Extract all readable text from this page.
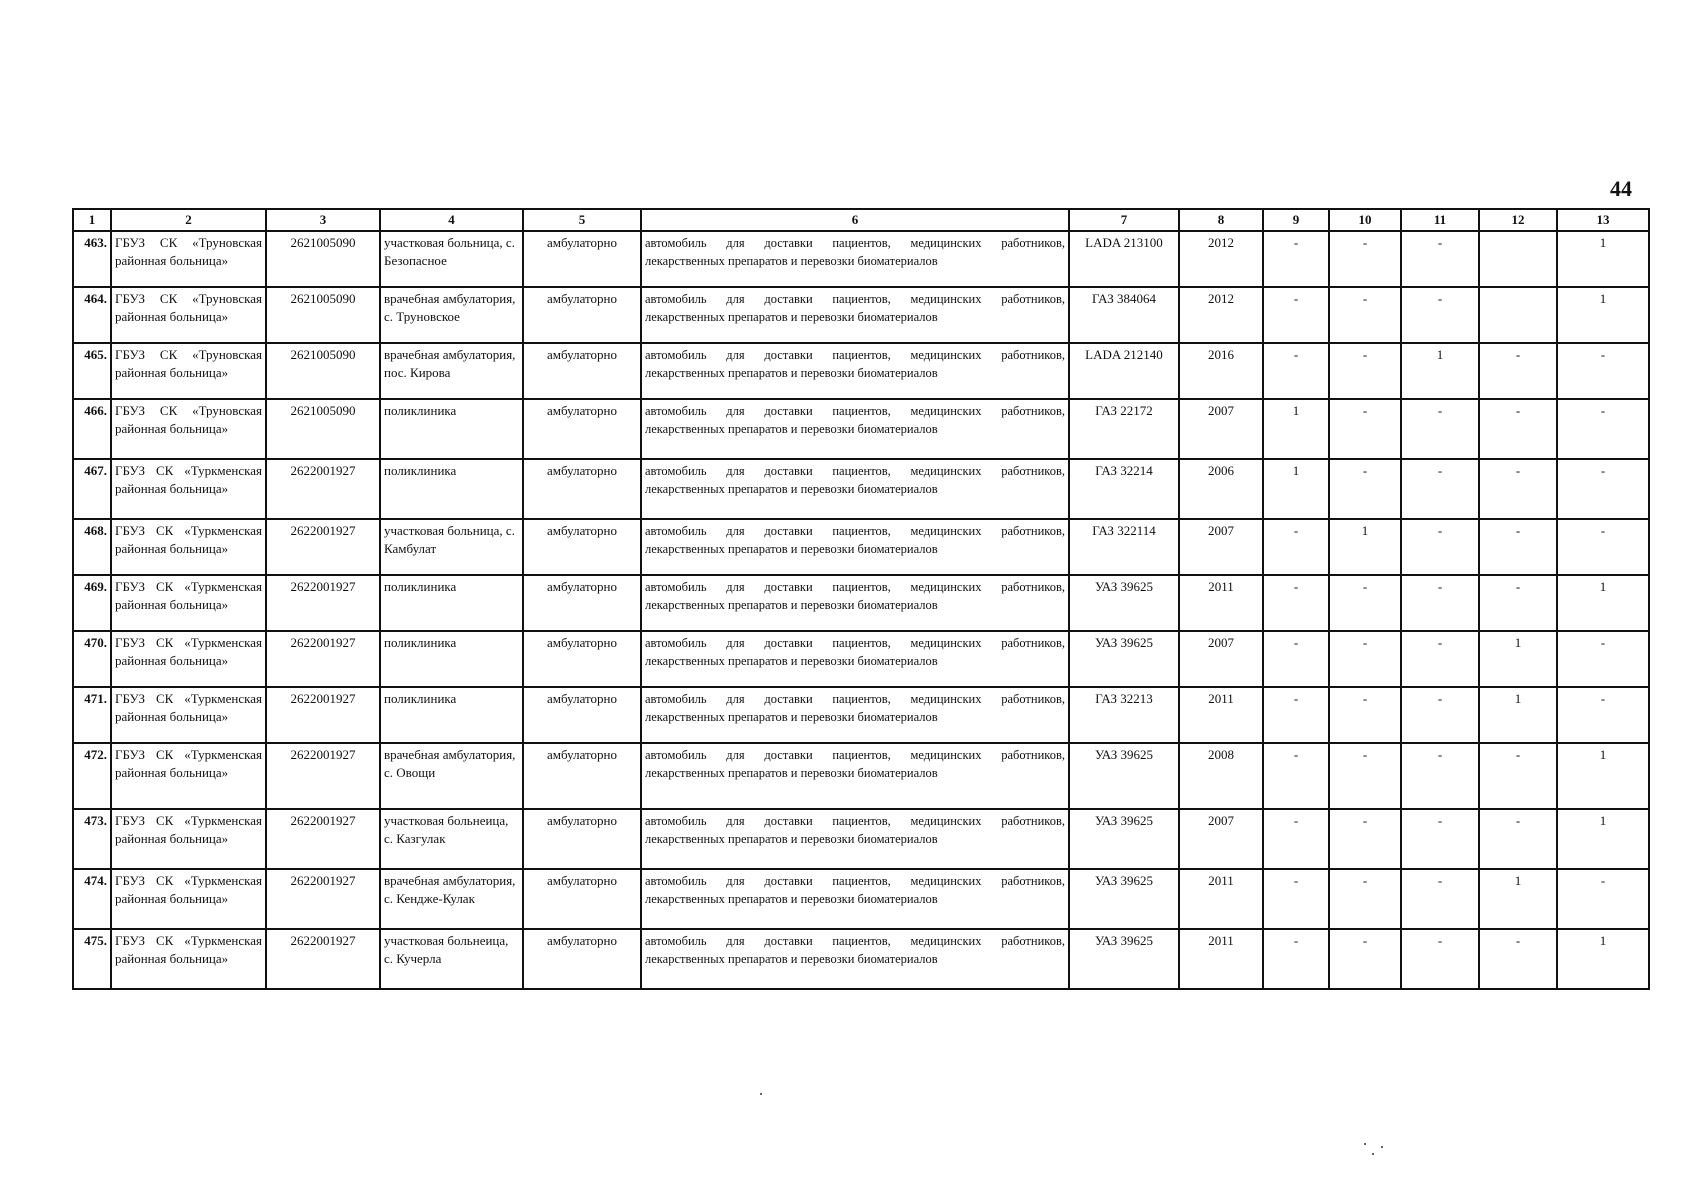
44
1	2	3	4	5	6	7	8	9	10	11	12	13
463.	ГБУЗ СК «Труновская районная больница»	2621005090	участковая больница, с. Безопасное	амбулаторно	автомобиль для доставки пациентов, медицинских работников, лекарственных препаратов и перевозки биоматериалов	LADA 213100	2012	-	-	-		1
464.	ГБУЗ СК «Труновская районная больница»	2621005090	врачебная амбулатория, с. Труновское	амбулаторно	автомобиль для доставки пациентов, медицинских работников, лекарственных препаратов и перевозки биоматериалов	ГАЗ 384064	2012	-	-	-		1
465.	ГБУЗ СК «Труновская районная больница»	2621005090	врачебная амбулатория, пос. Кирова	амбулаторно	автомобиль для доставки пациентов, медицинских работников, лекарственных препаратов и перевозки биоматериалов	LADA 212140	2016	-	-	1	-	-
466.	ГБУЗ СК «Труновская районная больница»	2621005090	поликлиника	амбулаторно	автомобиль для доставки пациентов, медицинских работников, лекарственных препаратов и перевозки биоматериалов	ГАЗ 22172	2007	1	-	-	-	-
467.	ГБУЗ СК «Туркменская районная больница»	2622001927	поликлиника	амбулаторно	автомобиль для доставки пациентов, медицинских работников, лекарственных препаратов и перевозки биоматериалов	ГАЗ 32214	2006	1	-	-	-	-
468.	ГБУЗ СК «Туркменская районная больница»	2622001927	участковая больница, с. Камбулат	амбулаторно	автомобиль для доставки пациентов, медицинских работников, лекарственных препаратов и перевозки биоматериалов	ГАЗ 322114	2007	-	1	-	-	-
469.	ГБУЗ СК «Туркменская районная больница»	2622001927	поликлиника	амбулаторно	автомобиль для доставки пациентов, медицинских работников, лекарственных препаратов и перевозки биоматериалов	УАЗ 39625	2011	-	-	-	-	1
470.	ГБУЗ СК «Туркменская районная больница»	2622001927	поликлиника	амбулаторно	автомобиль для доставки пациентов, медицинских работников, лекарственных препаратов и перевозки биоматериалов	УАЗ 39625	2007	-	-	-	1	-
471.	ГБУЗ СК «Туркменская районная больница»	2622001927	поликлиника	амбулаторно	автомобиль для доставки пациентов, медицинских работников, лекарственных препаратов и перевозки биоматериалов	ГАЗ 32213	2011	-	-	-	1	-
472.	ГБУЗ СК «Туркменская районная больница»	2622001927	врачебная амбулатория, с. Овощи	амбулаторно	автомобиль для доставки пациентов, медицинских работников, лекарственных препаратов и перевозки биоматериалов	УАЗ 39625	2008	-	-	-	-	1
473.	ГБУЗ СК «Туркменская районная больница»	2622001927	участковая больнеица, с. Казгулак	амбулаторно	автомобиль для доставки пациентов, медицинских работников, лекарственных препаратов и перевозки биоматериалов	УАЗ 39625	2007	-	-	-	-	1
474.	ГБУЗ СК «Туркменская районная больница»	2622001927	врачебная амбулатория, с. Кендже-Кулак	амбулаторно	автомобиль для доставки пациентов, медицинских работников, лекарственных препаратов и перевозки биоматериалов	УАЗ 39625	2011	-	-	-	1	-
475.	ГБУЗ СК «Туркменская районная больница»	2622001927	участковая больнеица, с. Кучерла	амбулаторно	автомобиль для доставки пациентов, медицинских работников, лекарственных препаратов и перевозки биоматериалов	УАЗ 39625	2011	-	-	-	-	1
